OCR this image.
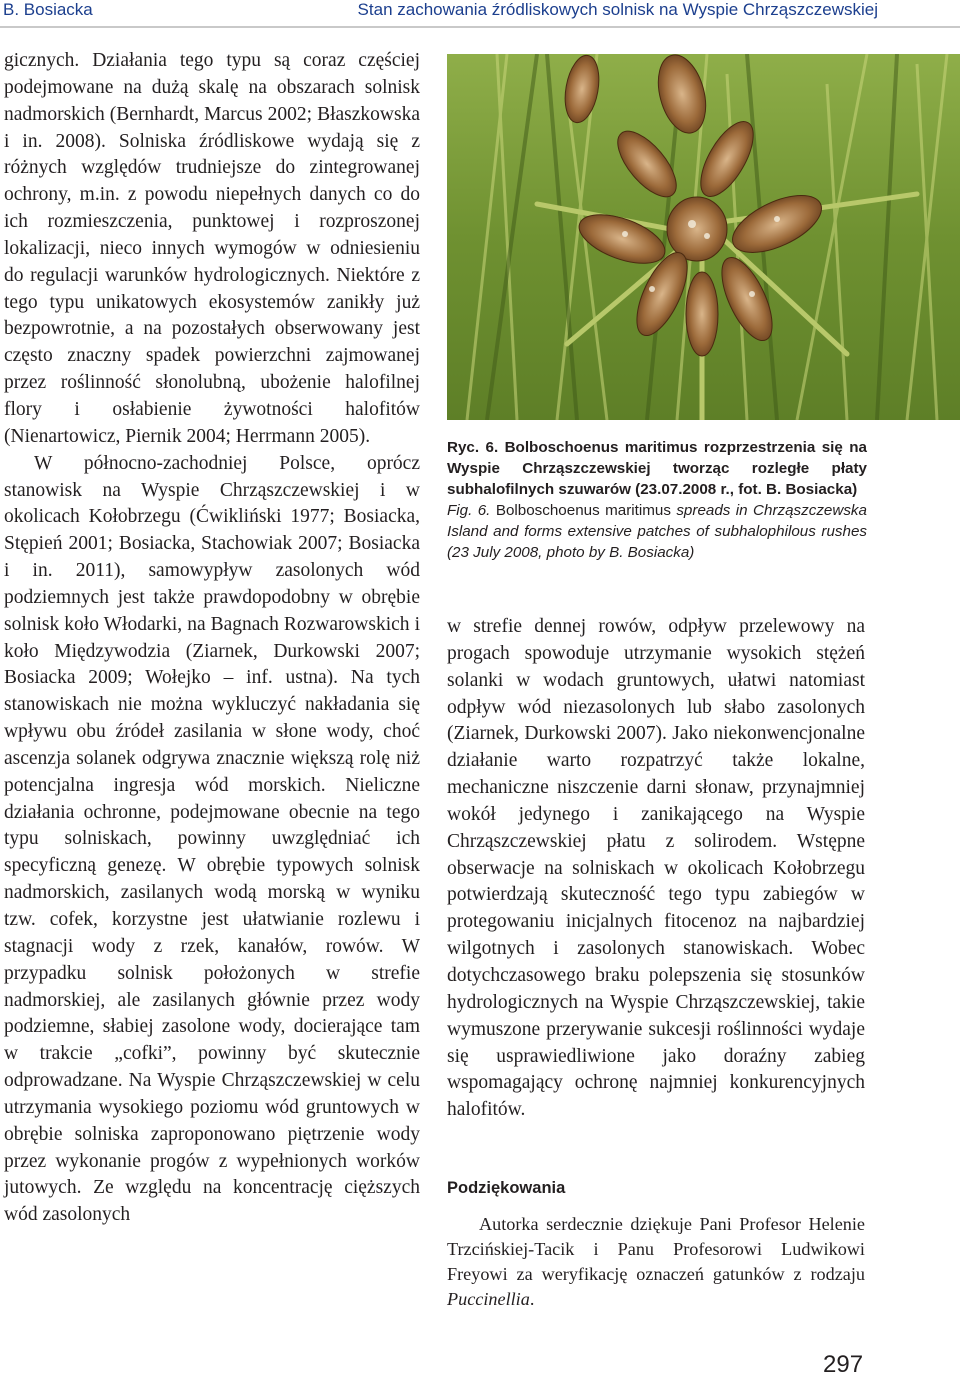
B. Bosiacka	Stan zachowania źródliskowych solnisk na Wyspie Chrząszczewskiej

gicznych. Działania tego typu są coraz częściej podejmowane na dużą skalę na obszarach solnisk nadmorskich (Bernhardt, Marcus 2002; Błaszkowska i in. 2008). Solniska źródliskowe wydają się z różnych względów trudniejsze do zintegrowanej ochrony, m.in. z powodu niepełnych danych co do ich rozmieszczenia, punktowej i rozproszonej lokalizacji, nieco innych wymogów w odniesieniu do regulacji warunków hydrologicznych. Niektóre z tego typu unikatowych ekosystemów zanikły już bezpowrotnie, a na pozostałych obserwowany jest często znaczny spadek powierzchni zajmowanej przez roślinność słonolubną, ubożenie halofilnej flory i osłabienie żywotności halofitów (Nienartowicz, Piernik 2004; Herrmann 2005).

W północno-zachodniej Polsce, oprócz stanowisk na Wyspie Chrząszczewskiej i w okolicach Kołobrzegu (Ćwikliński 1977; Bosiacka, Stępień 2001; Bosiacka, Stachowiak 2007; Bosiacka i in. 2011), samowypływ zasolonych wód podziemnych jest także prawdopodobny w obrębie solnisk koło Włodarki, na Bagnach Rozwarowskich i koło Międzywodzia (Ziarnek, Durkowski 2007; Bosiacka 2009; Wołejko – inf. ustna). Na tych stanowiskach nie można wykluczyć nakładania się wpływu obu źródeł zasilania w słone wody, choć ascenzja solanek odgrywa znacznie większą rolę niż potencjalna ingresja wód morskich. Nieliczne działania ochronne, podejmowane obecnie na tego typu solniskach, powinny uwzględniać ich specyficzną genezę. W obrębie typowych solnisk nadmorskich, zasilanych wodą morską w wyniku tzw. cofek, korzystne jest ułatwianie rozlewu i stagnacji wody z rzek, kanałów, rowów. W przypadku solnisk położonych w strefie nadmorskiej, ale zasilanych głównie przez wody podziemne, słabiej zasolone wody, docierające tam w trakcie „cofki”, powinny być skutecznie odprowadzane. Na Wyspie Chrząszczewskiej w celu utrzymania wysokiego poziomu wód gruntowych w obrębie solniska zaproponowano piętrzenie wody przez wykonanie progów z wypełnionych worków jutowych. Ze względu na koncentrację cięższych wód zasolonych

Ryc. 6. Bolboschoenus maritimus rozprzestrzenia się na Wyspie Chrząszczewskiej tworząc rozległe płaty subhalofilnych szuwarów (23.07.2008 r., fot. B. Bosiacka)
Fig. 6. Bolboschoenus maritimus spreads in Chrząszczewska Island and forms extensive patches of subhalophilous rushes (23 July 2008, photo by B. Bosiacka)

w strefie dennej rowów, odpływ przelewowy na progach spowoduje utrzymanie wysokich stężeń solanki w wodach gruntowych, ułatwi natomiast odpływ wód niezasolonych lub słabo zasolonych (Ziarnek, Durkowski 2007). Jako niekonwencjonalne działanie warto rozpatrzyć także lokalne, mechaniczne niszczenie darni słonaw, przynajmniej wokół jedynego i zanikającego na Wyspie Chrząszczewskiej płatu z solirodem. Wstępne obserwacje na solniskach w okolicach Kołobrzegu potwierdzają skuteczność tego typu zabiegów w protegowaniu inicjalnych fitocenoz na najbardziej wilgotnych i zasolonych stanowiskach. Wobec dotychczasowego braku polepszenia się stosunków hydrologicznych na Wyspie Chrząszczewskiej, takie wymuszone przerywanie sukcesji roślinności wydaje się usprawiedliwione jako doraźny zabieg wspomagający ochronę najmniej konkurencyjnych halofitów.

Podziękowania

Autorka serdecznie dziękuje Pani Profesor Helenie Trzcińskiej-Tacik i Panu Profesorowi Ludwikowi Freyowi za weryfikację oznaczeń gatunków z rodzaju Puccinellia.

297
